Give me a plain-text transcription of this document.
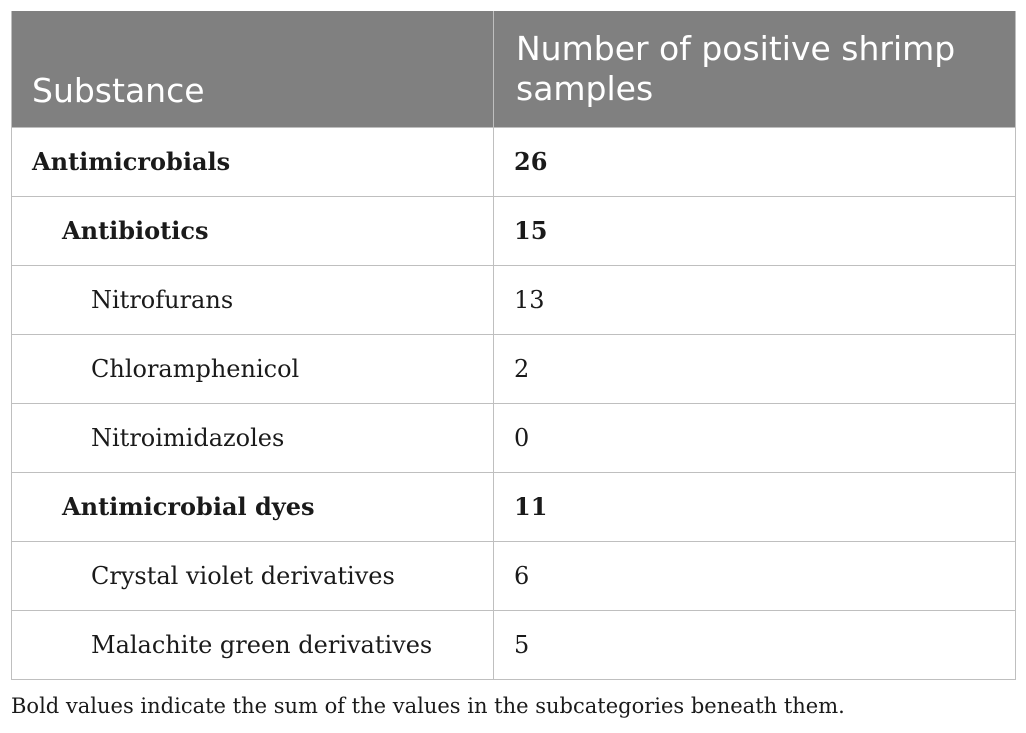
Substance	Number of positive shrimp samples
Antimicrobials	26
Antibiotics	15
Nitrofurans	13
Chloramphenicol	2
Nitroimidazoles	0
Antimicrobial dyes	11
Crystal violet derivatives	6
Malachite green derivatives	5
Bold values indicate the sum of the values in the subcategories beneath them.
